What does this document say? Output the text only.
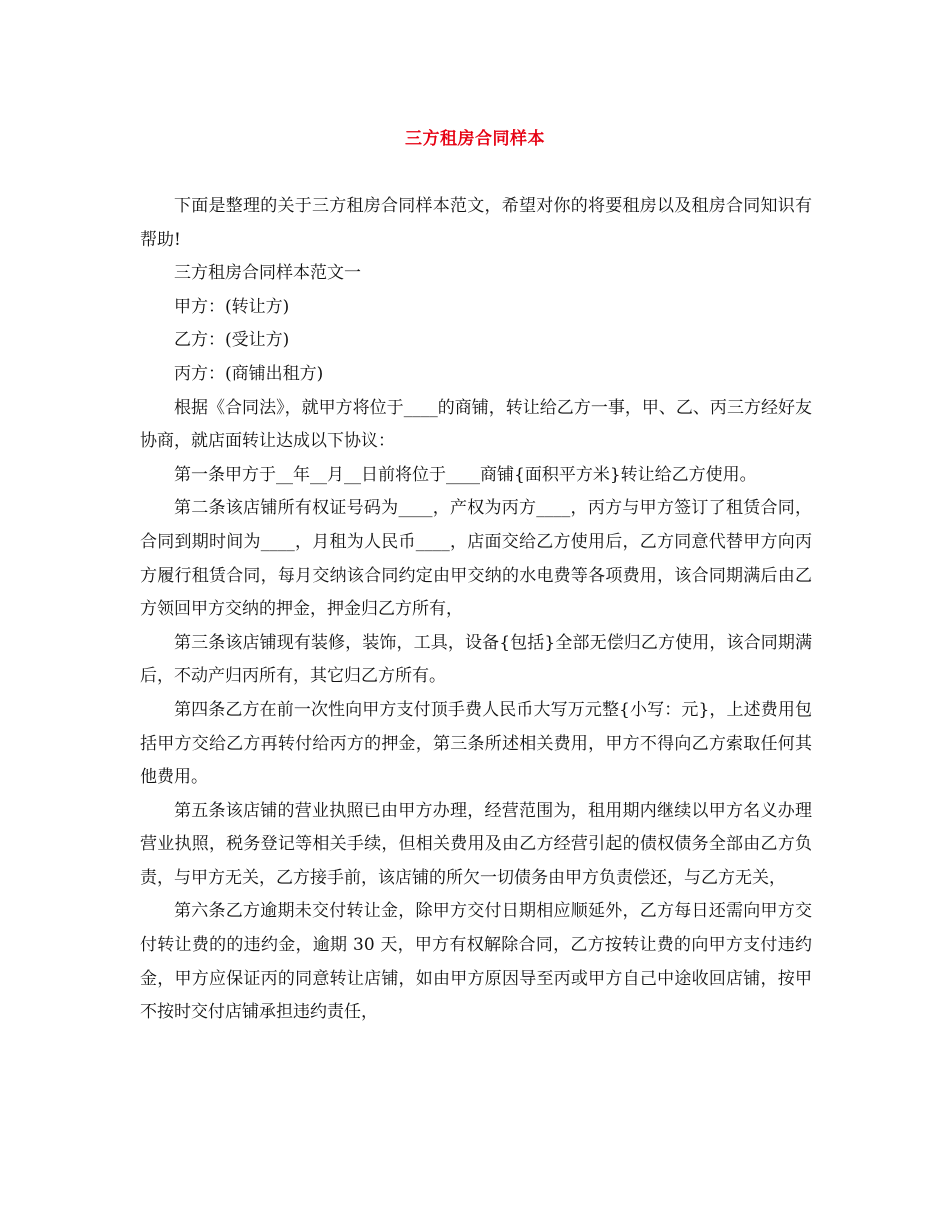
三方租房合同样本

下面是整理的关于三方租房合同样本范文，希望对你的将要租房以及租房合同知识有帮助!

三方租房合同样本范文一

甲方：(转让方)

乙方：(受让方)

丙方：(商铺出租方)

根据《合同法》，就甲方将位于____的商铺，转让给乙方一事，甲、乙、丙三方经好友协商，就店面转让达成以下协议：

第一条甲方于__年__月__日前将位于____商铺{面积平方米}转让给乙方使用。

第二条该店铺所有权证号码为____，产权为丙方____，丙方与甲方签订了租赁合同，合同到期时间为____，月租为人民币____，店面交给乙方使用后，乙方同意代替甲方向丙方履行租赁合同，每月交纳该合同约定由甲交纳的水电费等各项费用，该合同期满后由乙方领回甲方交纳的押金，押金归乙方所有，

第三条该店铺现有装修，装饰，工具，设备{包括}全部无偿归乙方使用，该合同期满后，不动产归丙所有，其它归乙方所有。

第四条乙方在前一次性向甲方支付顶手费人民币大写万元整{小写：元}，上述费用包括甲方交给乙方再转付给丙方的押金，第三条所述相关费用，甲方不得向乙方索取任何其他费用。

第五条该店铺的营业执照已由甲方办理，经营范围为，租用期内继续以甲方名义办理营业执照，税务登记等相关手续，但相关费用及由乙方经营引起的债权债务全部由乙方负责，与甲方无关，乙方接手前，该店铺的所欠一切债务由甲方负责偿还，与乙方无关，

第六条乙方逾期未交付转让金，除甲方交付日期相应顺延外，乙方每日还需向甲方交付转让费的的违约金，逾期 30 天，甲方有权解除合同，乙方按转让费的向甲方支付违约金，甲方应保证丙的同意转让店铺，如由甲方原因导至丙或甲方自己中途收回店铺，按甲不按时交付店铺承担违约责任，
